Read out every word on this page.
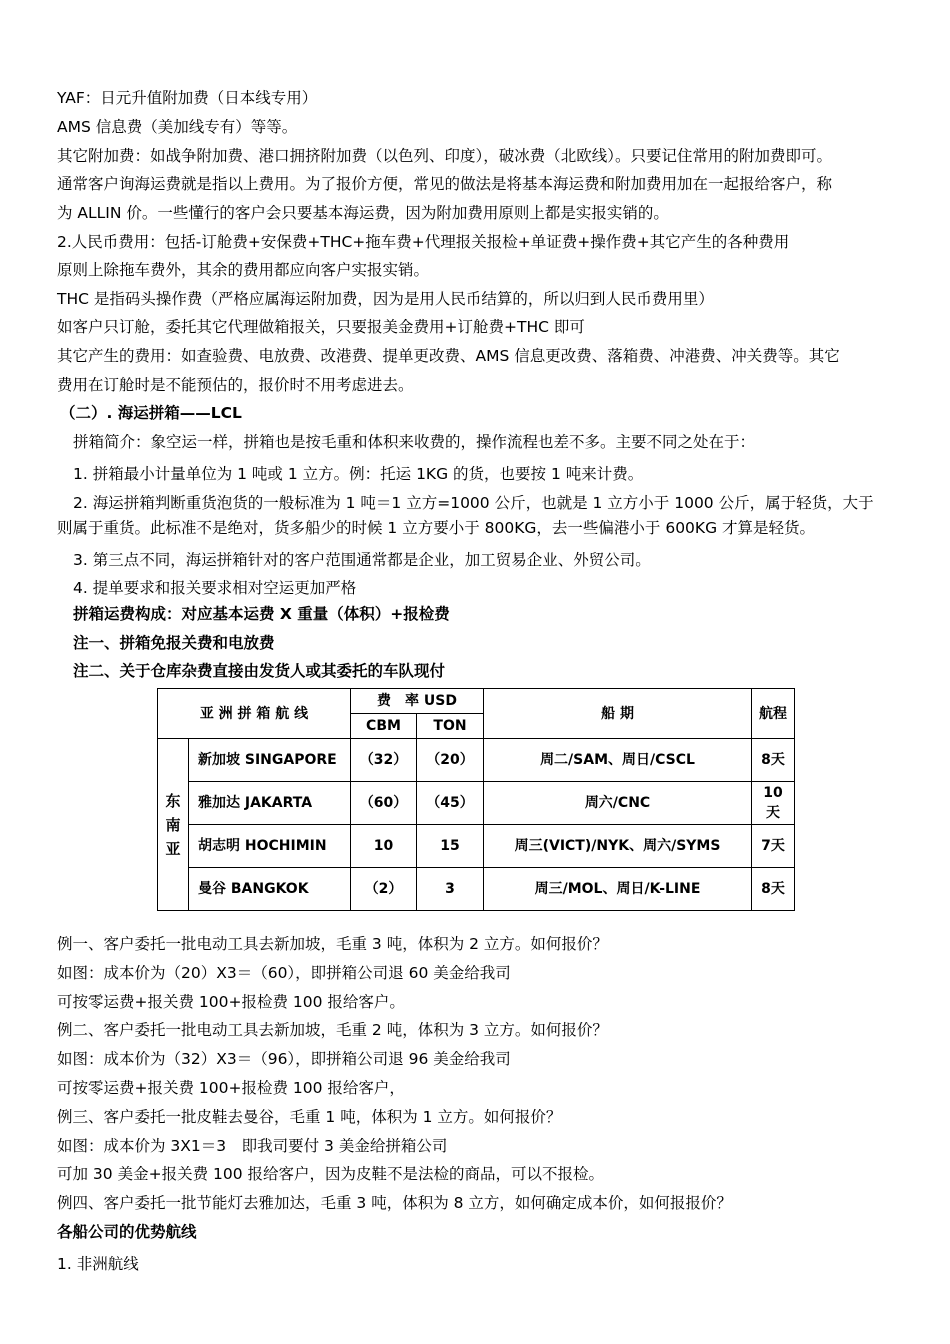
YAF：日元升值附加费（日本线专用）
AMS 信息费（美加线专有）等等。
其它附加费：如战争附加费、港口拥挤附加费（以色列、印度），破冰费（北欧线）。只要记住常用的附加费即可。
通常客户询海运费就是指以上费用。为了报价方便，常见的做法是将基本海运费和附加费用加在一起报给客户，称
为 ALLIN 价。一些懂行的客户会只要基本海运费，因为附加费用原则上都是实报实销的。
2.人民币费用：包括-订舱费+安保费+THC+拖车费+代理报关报检+单证费+操作费+其它产生的各种费用
原则上除拖车费外，其余的费用都应向客户实报实销。
THC 是指码头操作费（严格应属海运附加费，因为是用人民币结算的，所以归到人民币费用里）
如客户只订舱，委托其它代理做箱报关，只要报美金费用+订舱费+THC 即可
其它产生的费用：如查验费、电放费、改港费、提单更改费、AMS 信息更改费、落箱费、冲港费、冲关费等。其它
费用在订舱时是不能预估的，报价时不用考虑进去。
（二）. 海运拼箱——LCL
拼箱简介：象空运一样，拼箱也是按毛重和体积来收费的，操作流程也差不多。主要不同之处在于：
1. 拼箱最小计量单位为 1 吨或 1 立方。例：托运 1KG 的货，也要按 1 吨来计费。
2. 海运拼箱判断重货泡货的一般标准为 1 吨＝1 立方=1000 公斤，也就是 1 立方小于 1000 公斤，属于轻货，大于
则属于重货。此标准不是绝对，货多船少的时候 1 立方要小于 800KG，去一些偏港小于 600KG 才算是轻货。
3. 第三点不同，海运拼箱针对的客户范围通常都是企业，加工贸易企业、外贸公司。
4. 提单要求和报关要求相对空运更加严格
拼箱运费构成：对应基本运费 X 重量（体积）+报检费
注一、拼箱免报关费和电放费
注二、关于仓库杂费直接由发货人或其委托的车队现付
亚 洲 拼 箱 航 线		费　率 USD		船 期	航程
		CBM	TON		
东南亚	新加坡 SINGAPORE	（32）	（20）	周二/SAM、周日/CSCL	8天
	雅加达 JAKARTA	（60）	（45）	周六/CNC	10天
	胡志明 HOCHIMIN	10	15	周三(VICT)/NYK、周六/SYMS	7天
	曼谷 BANGKOK	（2）	3	周三/MOL、周日/K-LINE	8天
例一、客户委托一批电动工具去新加坡，毛重 3 吨，体积为 2 立方。如何报价？
如图：成本价为（20）X3＝（60），即拼箱公司退 60 美金给我司
可按零运费+报关费 100+报检费 100 报给客户。
例二、客户委托一批电动工具去新加坡，毛重 2 吨，体积为 3 立方。如何报价？
如图：成本价为（32）X3＝（96），即拼箱公司退 96 美金给我司
可按零运费+报关费 100+报检费 100 报给客户，
例三、客户委托一批皮鞋去曼谷，毛重 1 吨，体积为 1 立方。如何报价？
如图：成本价为 3X1＝3　即我司要付 3 美金给拼箱公司
可加 30 美金+报关费 100 报给客户，因为皮鞋不是法检的商品，可以不报检。
例四、客户委托一批节能灯去雅加达，毛重 3 吨，体积为 8 立方，如何确定成本价，如何报报价？
各船公司的优势航线
1. 非洲航线
